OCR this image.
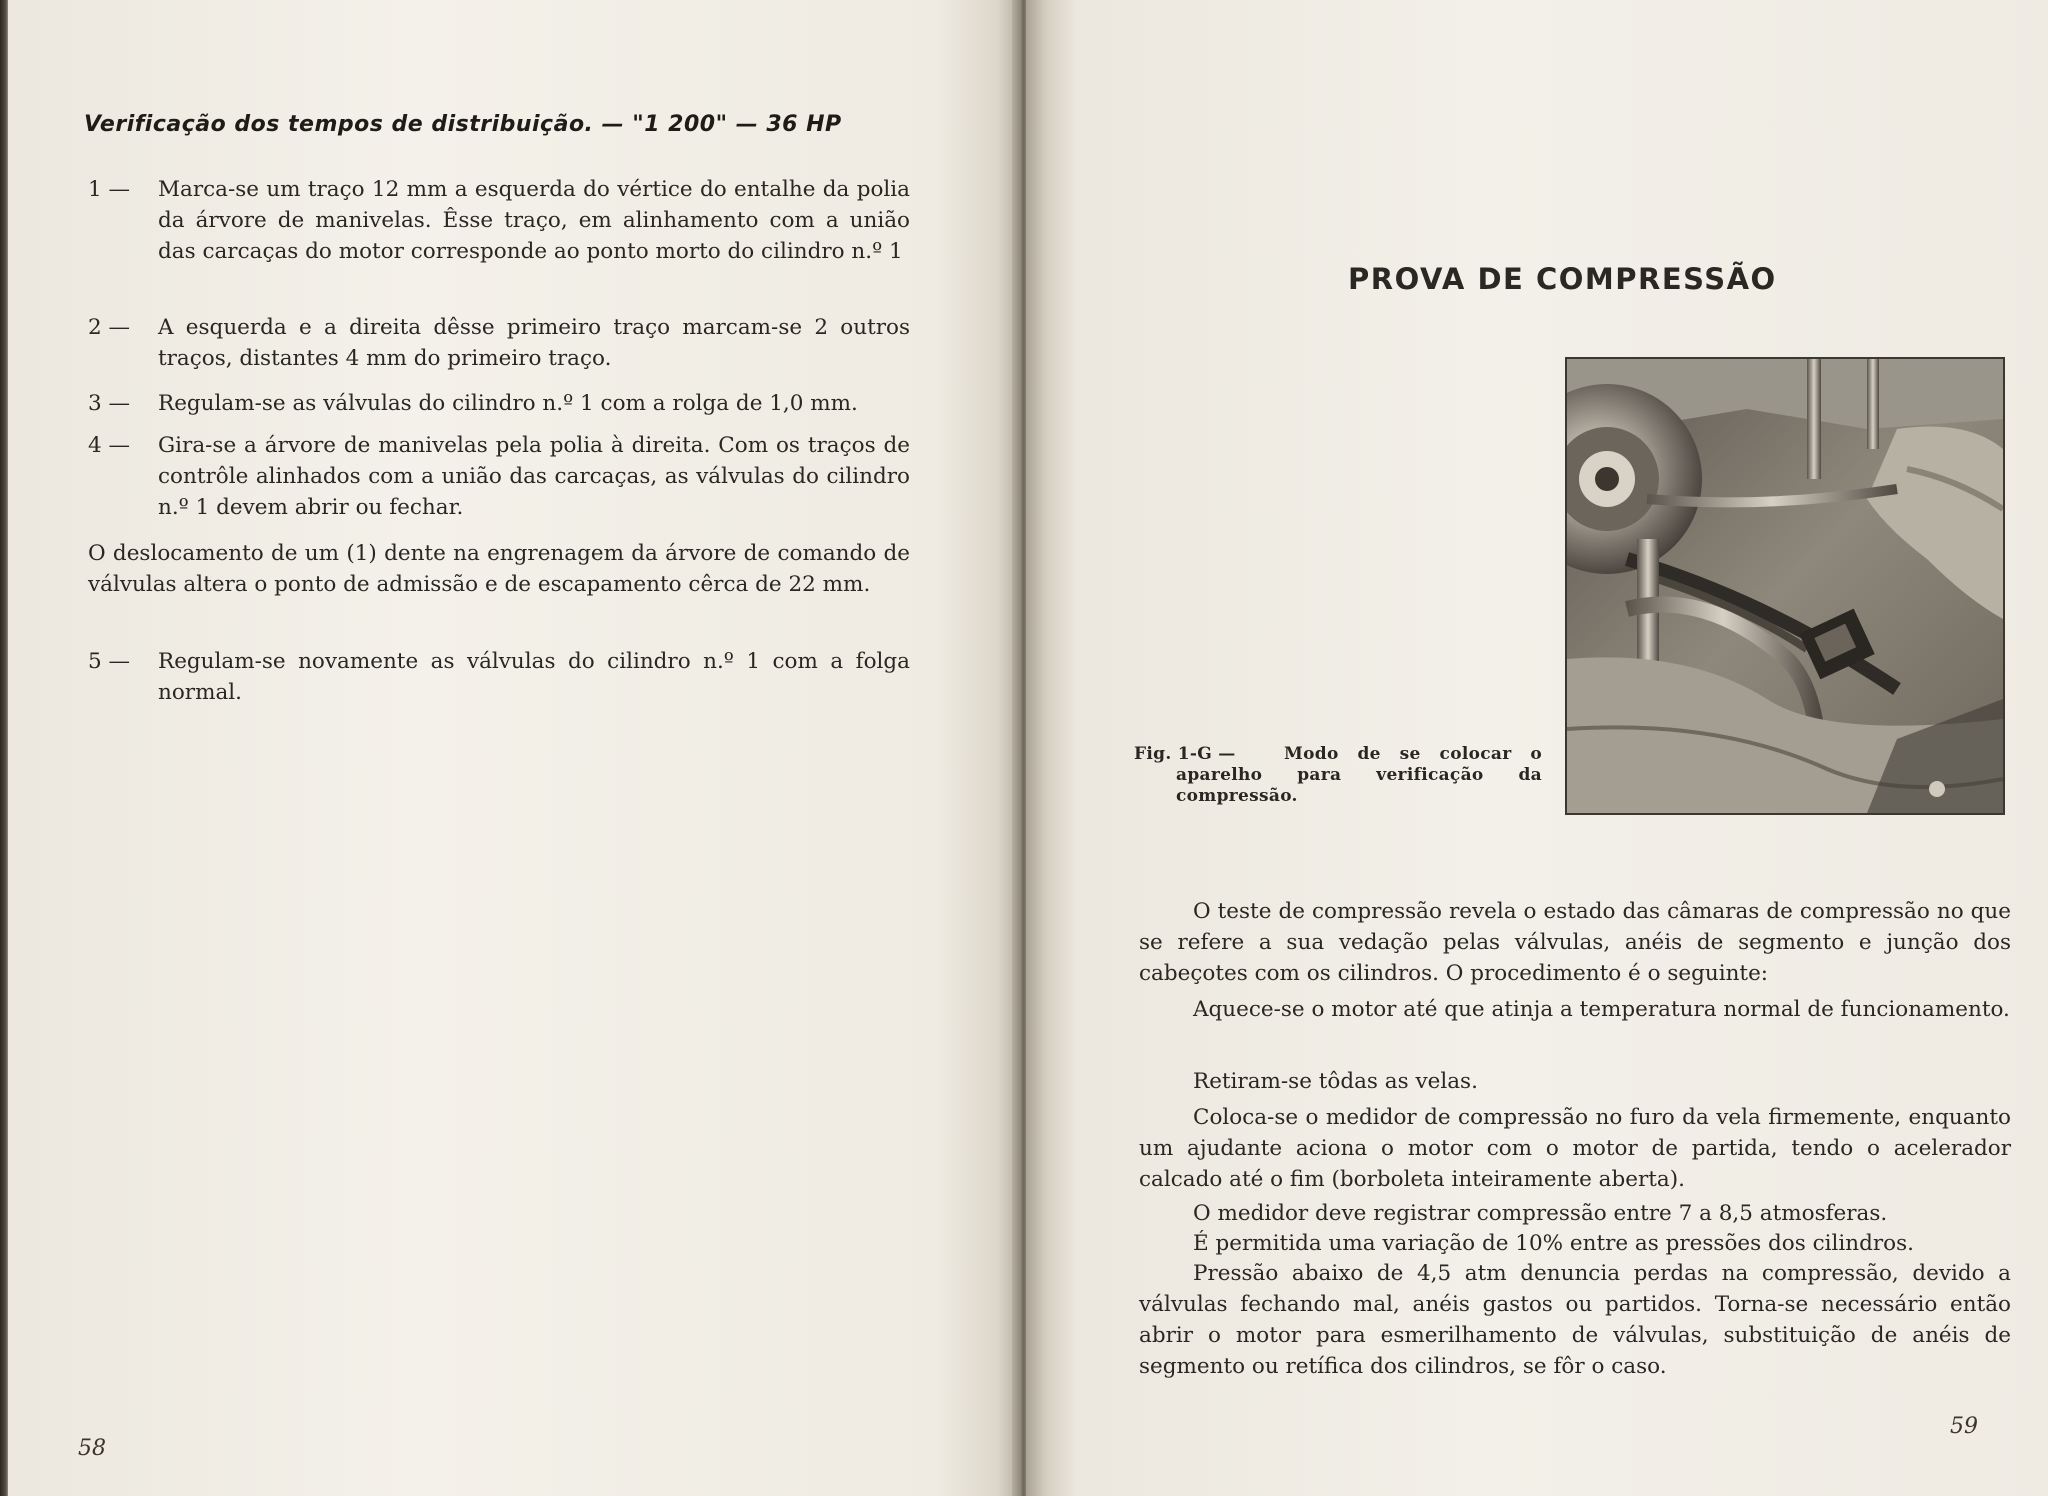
Verificação dos tempos de distribuição. — "1 200" — 36 HP
1 — Marca-se um traço 12 mm a esquerda do vértice do entalhe da polia da árvore de manivelas. Êsse traço, em alinhamento com a união das carcaças do motor corresponde ao ponto morto do cilindro n.º 1
2 — A esquerda e a direita dêsse primeiro traço marcam-se 2 outros traços, distantes 4 mm do primeiro traço.
3 — Regulam-se as válvulas do cilindro n.º 1 com a rolga de 1,0 mm.
4 — Gira-se a árvore de manivelas pela polia à direita. Com os traços de contrôle alinhados com a união das carcaças, as válvulas do cilindro n.º 1 devem abrir ou fechar.
O deslocamento de um (1) dente na engrenagem da árvore de comando de válvulas altera o ponto de admissão e de escapamento cêrca de 22 mm.
5 — Regulam-se novamente as válvulas do cilindro n.º 1 com a folga normal.
58
PROVA DE COMPRESSÃO
Fig. 1-G —	Modo de se colocar o aparelho para verificação da compressão.
O teste de compressão revela o estado das câmaras de compressão no que se refere a sua vedação pelas válvulas, anéis de segmento e junção dos cabeçotes com os cilindros. O procedimento é o seguinte:
Aquece-se o motor até que atinja a temperatura normal de funcionamento.
Retiram-se tôdas as velas.
Coloca-se o medidor de compressão no furo da vela firmemente, enquanto um ajudante aciona o motor com o motor de partida, tendo o acelerador calcado até o fim (borboleta inteiramente aberta).
O medidor deve registrar compressão entre 7 a 8,5 atmosferas.
É permitida uma variação de 10% entre as pressões dos cilindros.
Pressão abaixo de 4,5 atm denuncia perdas na compressão, devido a válvulas fechando mal, anéis gastos ou partidos. Torna-se necessário então abrir o motor para esmerilhamento de válvulas, substituição de anéis de segmento ou retífica dos cilindros, se fôr o caso.
59
